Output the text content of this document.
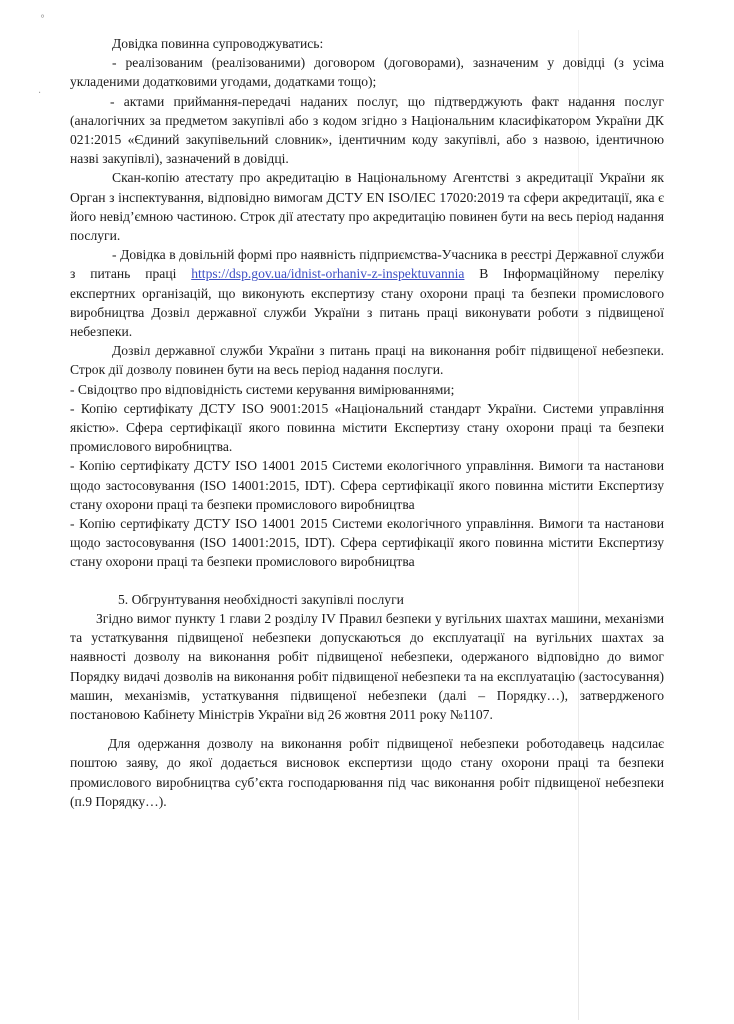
°
·

Довідка повинна супроводжуватись:

- реалізованим (реалізованими) договором (договорами), зазначеним у довідці (з усіма укладеними додатковими угодами, додатками тощо);

- актами приймання-передачі наданих послуг, що підтверджують факт надання послуг (аналогічних за предметом закупівлі або з кодом згідно з Національним класифікатором України ДК 021:2015 «Єдиний закупівельний словник», ідентичним коду закупівлі, або з назвою, ідентичною назві закупівлі), зазначений в довідці.

Скан-копію атестату про акредитацію в Національному Агентстві з акредитації України як Орган з інспектування, відповідно вимогам ДСТУ EN ISO/IEC 17020:2019 та сфери акредитації, яка є його невід’ємною частиною. Строк дії атестату про акредитацію повинен бути на весь період надання послуги.

- Довідка в довільній формі про наявність підприємства-Учасника в реєстрі Державної служби з питань праці https://dsp.gov.ua/idnist-orhaniv-z-inspektuvannia В Інформаційному переліку експертних організацій, що виконують експертизу стану охорони праці та безпеки промислового виробництва Дозвіл державної служби України з питань праці виконувати роботи з підвищеної небезпеки.

Дозвіл державної служби України з питань праці на виконання робіт підвищеної небезпеки. Строк дії дозволу повинен бути на весь період надання послуги.

- Свідоцтво про відповідність системи керування вимірюваннями;

- Копію сертифікату ДСТУ ISO 9001:2015 «Національний стандарт України. Системи управління якістю». Сфера сертифікації якого повинна містити Експертизу стану охорони праці та безпеки промислового виробництва.

- Копію сертифікату ДСТУ ISO 14001 2015 Системи екологічного управління. Вимоги та настанови щодо застосовування (ISO 14001:2015, IDT). Сфера сертифікації якого повинна містити Експертизу стану охорони праці та безпеки промислового виробництва

- Копію сертифікату ДСТУ ISO 14001 2015 Системи екологічного управління. Вимоги та настанови щодо застосовування (ISO 14001:2015, IDT). Сфера сертифікації якого повинна містити Експертизу стану охорони праці та безпеки промислового виробництва

5. Обгрунтування необхідності закупівлі послуги

Згідно вимог пункту 1 глави 2 розділу IV Правил безпеки у вугільних шахтах машини, механізми та устаткування підвищеної небезпеки допускаються до експлуатації на вугільних шахтах за наявності дозволу на виконання робіт підвищеної небезпеки, одержаного відповідно до вимог Порядку видачі дозволів на виконання робіт підвищеної небезпеки та на експлуатацію (застосування) машин, механізмів, устаткування підвищеної небезпеки (далі – Порядку…), затвердженого постановою Кабінету Міністрів України від 26 жовтня 2011 року №1107.

Для одержання дозволу на виконання робіт підвищеної небезпеки роботодавець надсилає поштою заяву, до якої додається висновок експертизи щодо стану охорони праці та безпеки промислового виробництва суб’єкта господарювання під час виконання робіт підвищеної небезпеки (п.9 Порядку…).
